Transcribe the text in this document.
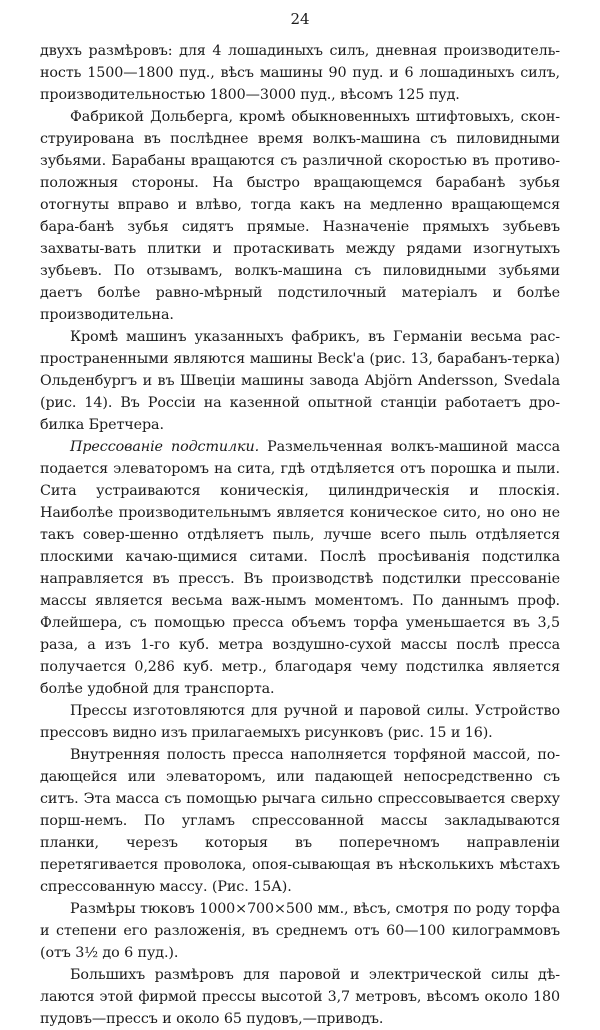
24

двухъ размѣровъ: для 4 лошадиныхъ силъ, дневная производитель-ность 1500—1800 пуд., вѣсъ машины 90 пуд. и 6 лошадиныхъ силъ, производительностью 1800—3000 пуд., вѣсомъ 125 пуд.

Фабрикой Дольберга, кромѣ обыкновенныхъ штифтовыхъ, скон-струирована въ послѣднее время волкъ-машина съ пиловидными зубьями. Барабаны вращаются съ различной скоростью въ противо-положныя стороны. На быстро вращающемся барабанѣ зубья отогнуты вправо и влѣво, тогда какъ на медленно вращающемся бара-банѣ зубья сидятъ прямые. Назначеніе прямыхъ зубьевъ захваты-вать плитки и протаскивать между рядами изогнутыхъ зубьевъ. По отзывамъ, волкъ-машина съ пиловидными зубьями даетъ болѣе равно-мѣрный подстилочный матеріалъ и болѣе производительна.

Кромѣ машинъ указанныхъ фабрикъ, въ Германіи весьма рас-пространенными являются машины Beck'a (рис. 13, барабанъ-терка) Ольденбургъ и въ Швеціи машины завода Abjörn Andersson, Svedala (рис. 14). Въ Россіи на казенной опытной станціи работаетъ дро-билка Бретчера.

Прессованіе подстилки. Размельченная волкъ-машиной масса подается элеваторомъ на сита, гдѣ отдѣляется отъ порошка и пыли. Сита устраиваются коническія, цилиндрическія и плоскія. Наиболѣе производительнымъ является коническое сито, но оно не такъ совер-шенно отдѣляетъ пыль, лучше всего пыль отдѣляется плоскими качаю-щимися ситами. Послѣ просѣиванія подстилка направляется въ прессъ. Въ производствѣ подстилки прессованіе массы является весьма важ-нымъ моментомъ. По даннымъ проф. Флейшера, съ помощью пресса объемъ торфа уменьшается въ 3,5 раза, а изъ 1-го куб. метра воздушно-сухой массы послѣ пресса получается 0,286 куб. метр., благодаря чему подстилка является болѣе удобной для транспорта.

Прессы изготовляются для ручной и паровой силы. Устройство прессовъ видно изъ прилагаемыхъ рисунковъ (рис. 15 и 16).

Внутренняя полость пресса наполняется торфяной массой, по-дающейся или элеваторомъ, или падающей непосредственно съ ситъ. Эта масса съ помощью рычага сильно спрессовывается сверху порш-немъ. По угламъ спрессованной массы закладываются планки, черезъ которыя въ поперечномъ направленіи перетягивается проволока, опоя-сывающая въ нѣсколькихъ мѣстахъ спрессованную массу. (Рис. 15А).

Размѣры тюковъ 1000×700×500 мм., вѣсъ, смотря по роду торфа и степени его разложенія, въ среднемъ отъ 60—100 килограммовъ (отъ 3½ до 6 пуд.).

Большихъ размѣровъ для паровой и электрической силы дѣ-лаются этой фирмой прессы высотой 3,7 метровъ, вѣсомъ около 180 пудовъ—прессъ и около 65 пудовъ,—приводъ.
